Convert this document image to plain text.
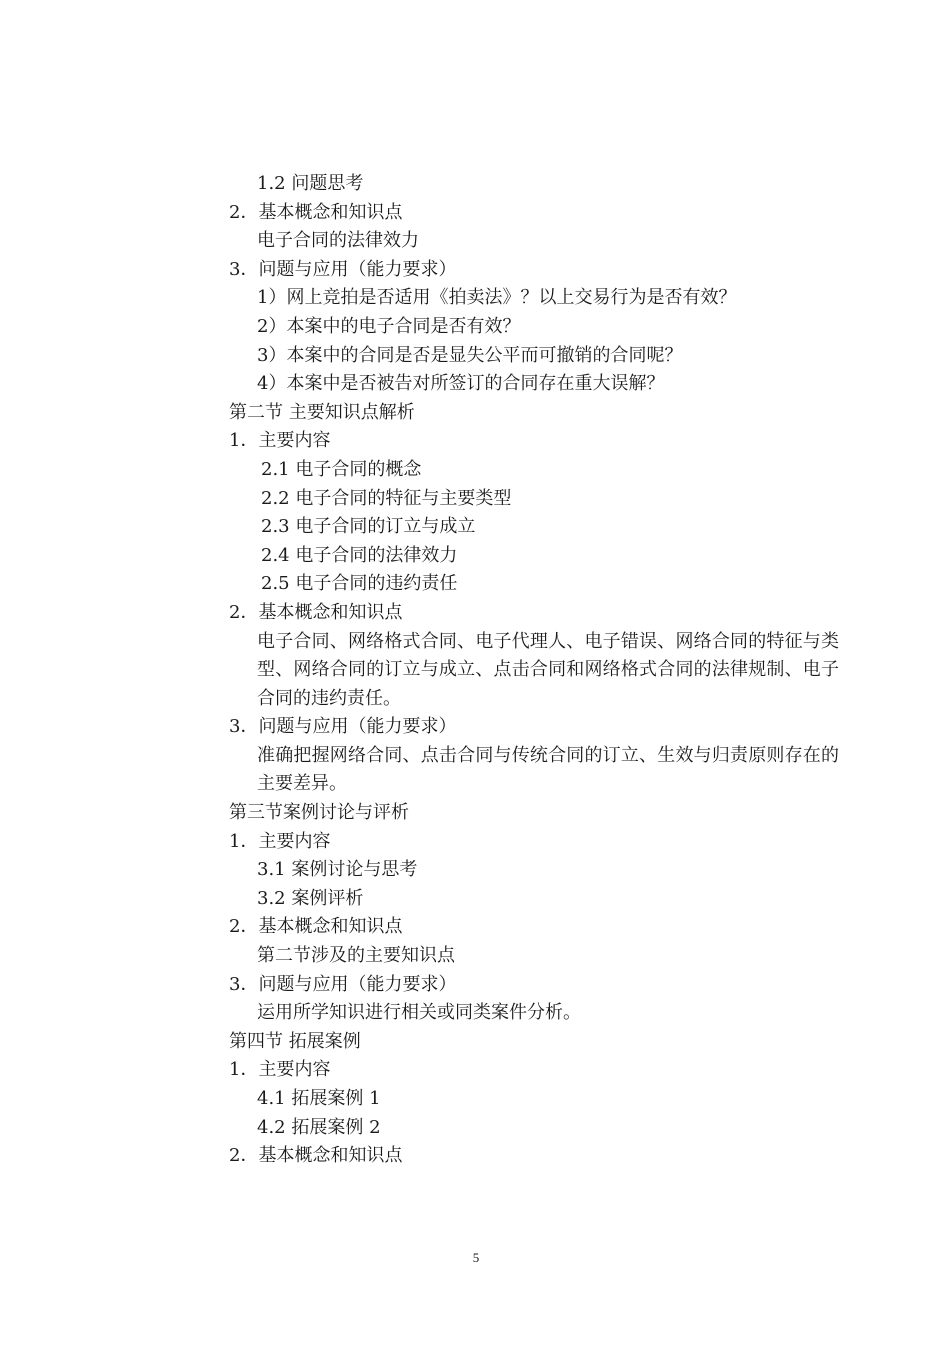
1.2 问题思考
2．基本概念和知识点
电子合同的法律效力
3．问题与应用（能力要求）
1）网上竞拍是否适用《拍卖法》？以上交易行为是否有效？
2）本案中的电子合同是否有效？
3）本案中的合同是否是显失公平而可撤销的合同呢？
4）本案中是否被告对所签订的合同存在重大误解？
第二节 主要知识点解析
1．主要内容
2.1 电子合同的概念
2.2 电子合同的特征与主要类型
2.3 电子合同的订立与成立
2.4 电子合同的法律效力
2.5 电子合同的违约责任
2．基本概念和知识点
电子合同、网络格式合同、电子代理人、电子错误、网络合同的特征与类型、网络合同的订立与成立、点击合同和网络格式合同的法律规制、电子合同的违约责任。
3．问题与应用（能力要求）
准确把握网络合同、点击合同与传统合同的订立、生效与归责原则存在的主要差异。
第三节案例讨论与评析
1．主要内容
3.1 案例讨论与思考
3.2 案例评析
2．基本概念和知识点
第二节涉及的主要知识点
3．问题与应用（能力要求）
运用所学知识进行相关或同类案件分析。
第四节 拓展案例
1．主要内容
4.1 拓展案例 1
4.2 拓展案例 2
2．基本概念和知识点
5
